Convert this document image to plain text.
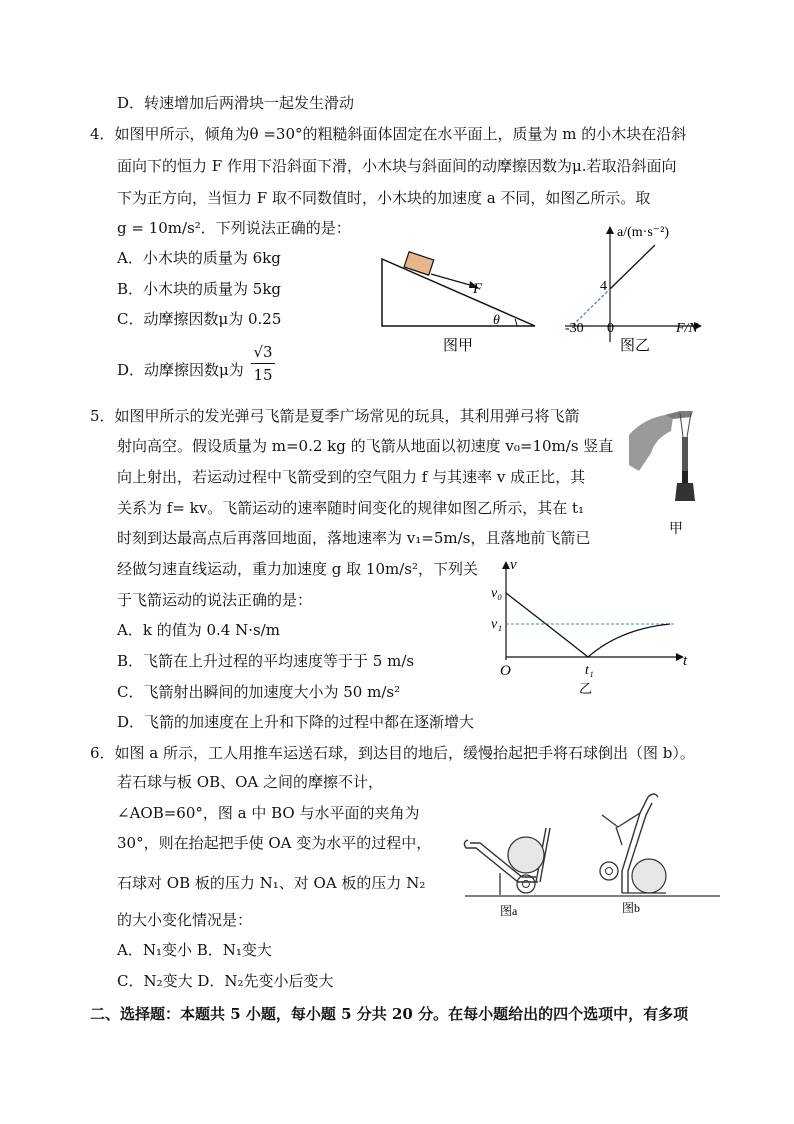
D．转速增加后两滑块一起发生滑动
4．如图甲所示，倾角为θ =30°的粗糙斜面体固定在水平面上，质量为 m 的小木块在沿斜
面向下的恒力 F 作用下沿斜面下滑，小木块与斜面间的动摩擦因数为μ.若取沿斜面向
下为正方向，当恒力 F 取不同数值时，小木块的加速度 a 不同，如图乙所示。取
g = 10m/s²．下列说法正确的是：
A．小木块的质量为 6kg
B．小木块的质量为 5kg
C．动摩擦因数μ为 0.25
D．动摩擦因数μ为
√3
15
F
θ
图甲
a/(m·s⁻²)
4
-30 0	F/N
图乙
5．如图甲所示的发光弹弓飞箭是夏季广场常见的玩具，其利用弹弓将飞箭
射向高空。假设质量为 m=0.2 kg 的飞箭从地面以初速度 v₀=10m/s 竖直
向上射出，若运动过程中飞箭受到的空气阻力 f 与其速率 v 成正比，其
关系为 f= kv。飞箭运动的速率随时间变化的规律如图乙所示，其在 t₁
时刻到达最高点后再落回地面，落地速率为 v₁=5m/s，且落地前飞箭已
经做匀速直线运动，重力加速度 g 取 10m/s²，下列关
于飞箭运动的说法正确的是：
A．k 的值为 0.4 N·s/m
B．飞箭在上升过程的平均速度等于于 5 m/s
C．飞箭射出瞬间的加速度大小为 50 m/s²
D．飞箭的加速度在上升和下降的过程中都在逐渐增大
甲
v
v₀
v₁
t
t₁
O
乙
6．如图 a 所示，工人用推车运送石球，到达目的地后，缓慢抬起把手将石球倒出（图 b）。
若石球与板 OB、OA 之间的摩擦不计，
∠AOB=60°，图 a 中 BO 与水平面的夹角为
30°，则在抬起把手使 OA 变为水平的过程中，
石球对 OB 板的压力 N₁、对 OA 板的压力 N₂
的大小变化情况是：
A．N₁变小 B．N₁变大
C．N₂变大 D．N₂先变小后变大
图a	图b
二、选择题：本题共 5 小题，每小题 5 分共 20 分。在每小题给出的四个选项中，有多项
